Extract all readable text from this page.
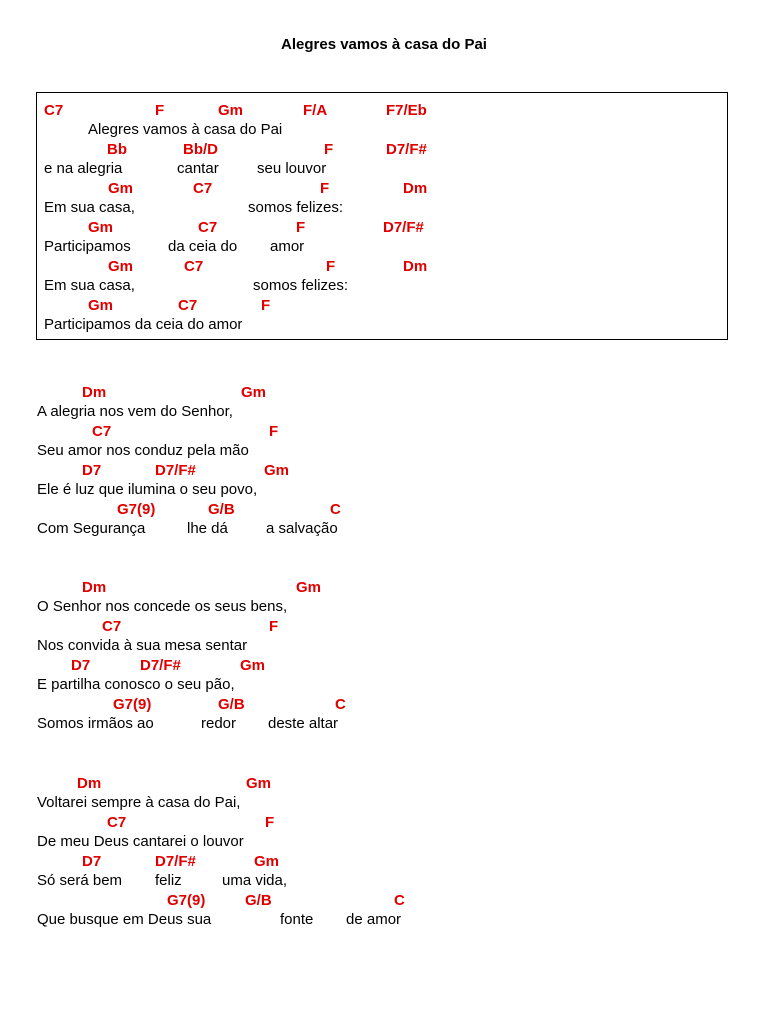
Alegres vamos à casa do Pai
C7	F	Gm	F/A	F7/Eb
Alegres vamos à casa do Pai
Bb	Bb/D	F	D7/F#
e na alegria	cantar	seu louvor
Gm	C7	F	Dm
Em sua casa,	somos felizes:
Gm	C7	F	D7/F#
Participamos da ceia do amor
Gm	C7	F	Dm
Em sua casa,	somos felizes:
Gm	C7	F
Participamos da ceia do amor
Dm	Gm
A alegria nos vem do Senhor,
C7	F
Seu amor nos conduz pela mão
D7	D7/F#	Gm
Ele é luz que ilumina o seu povo,
G7(9)	G/B	C
Com Segurança	lhe dá	a salvação
Dm	Gm
O Senhor nos concede os seus bens,
C7	F
Nos convida à sua mesa sentar
D7	D7/F#	Gm
E partilha conosco o seu pão,
G7(9)	G/B	C
Somos irmãos ao	redor deste altar
Dm	Gm
Voltarei sempre à casa do Pai,
C7	F
De meu Deus cantarei o louvor
D7	D7/F#	Gm
Só será bem feliz	uma vida,
G7(9)	G/B	C
Que busque em Deus sua	fonte de amor
